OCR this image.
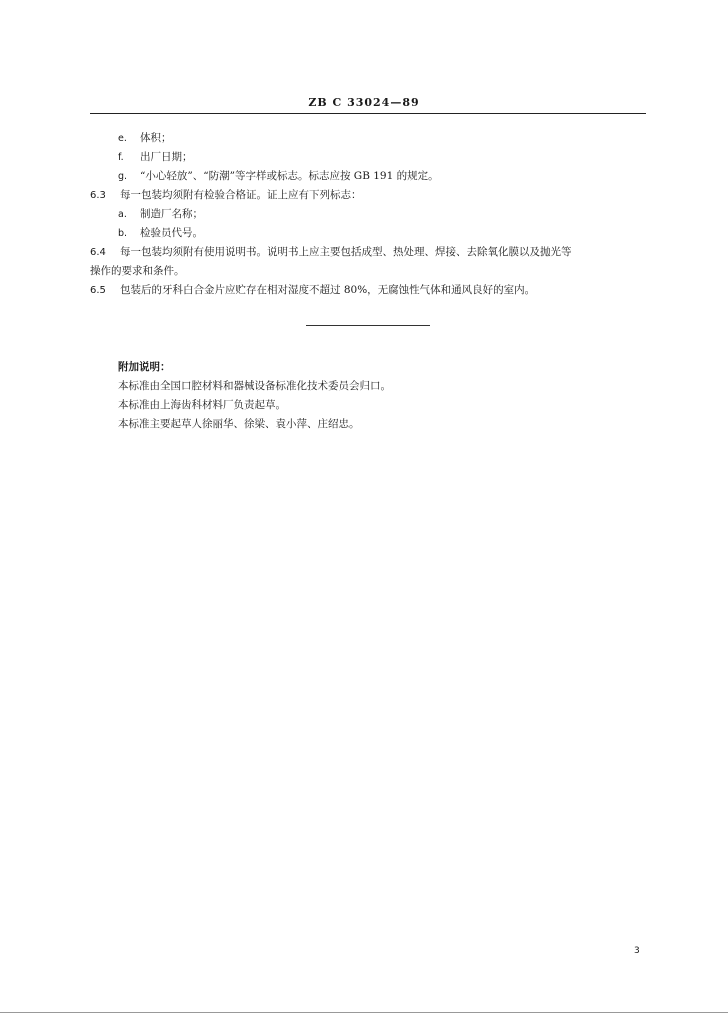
ZB C 33024—89
e. 体积；
f. 出厂日期；
g. “小心轻放”、“防潮”等字样或标志。标志应按 GB 191 的规定。
6.3 每一包装均须附有检验合格证。证上应有下列标志：
a. 制造厂名称；
b. 检验员代号。
6.4 每一包装均须附有使用说明书。说明书上应主要包括成型、热处理、焊接、去除氧化膜以及抛光等
操作的要求和条件。
6.5 包装后的牙科白合金片应贮存在相对湿度不超过 80%，无腐蚀性气体和通风良好的室内。
附加说明：
本标准由全国口腔材料和器械设备标准化技术委员会归口。
本标准由上海齿科材料厂负责起草。
本标准主要起草人徐丽华、徐梁、袁小萍、庄绍忠。
3
